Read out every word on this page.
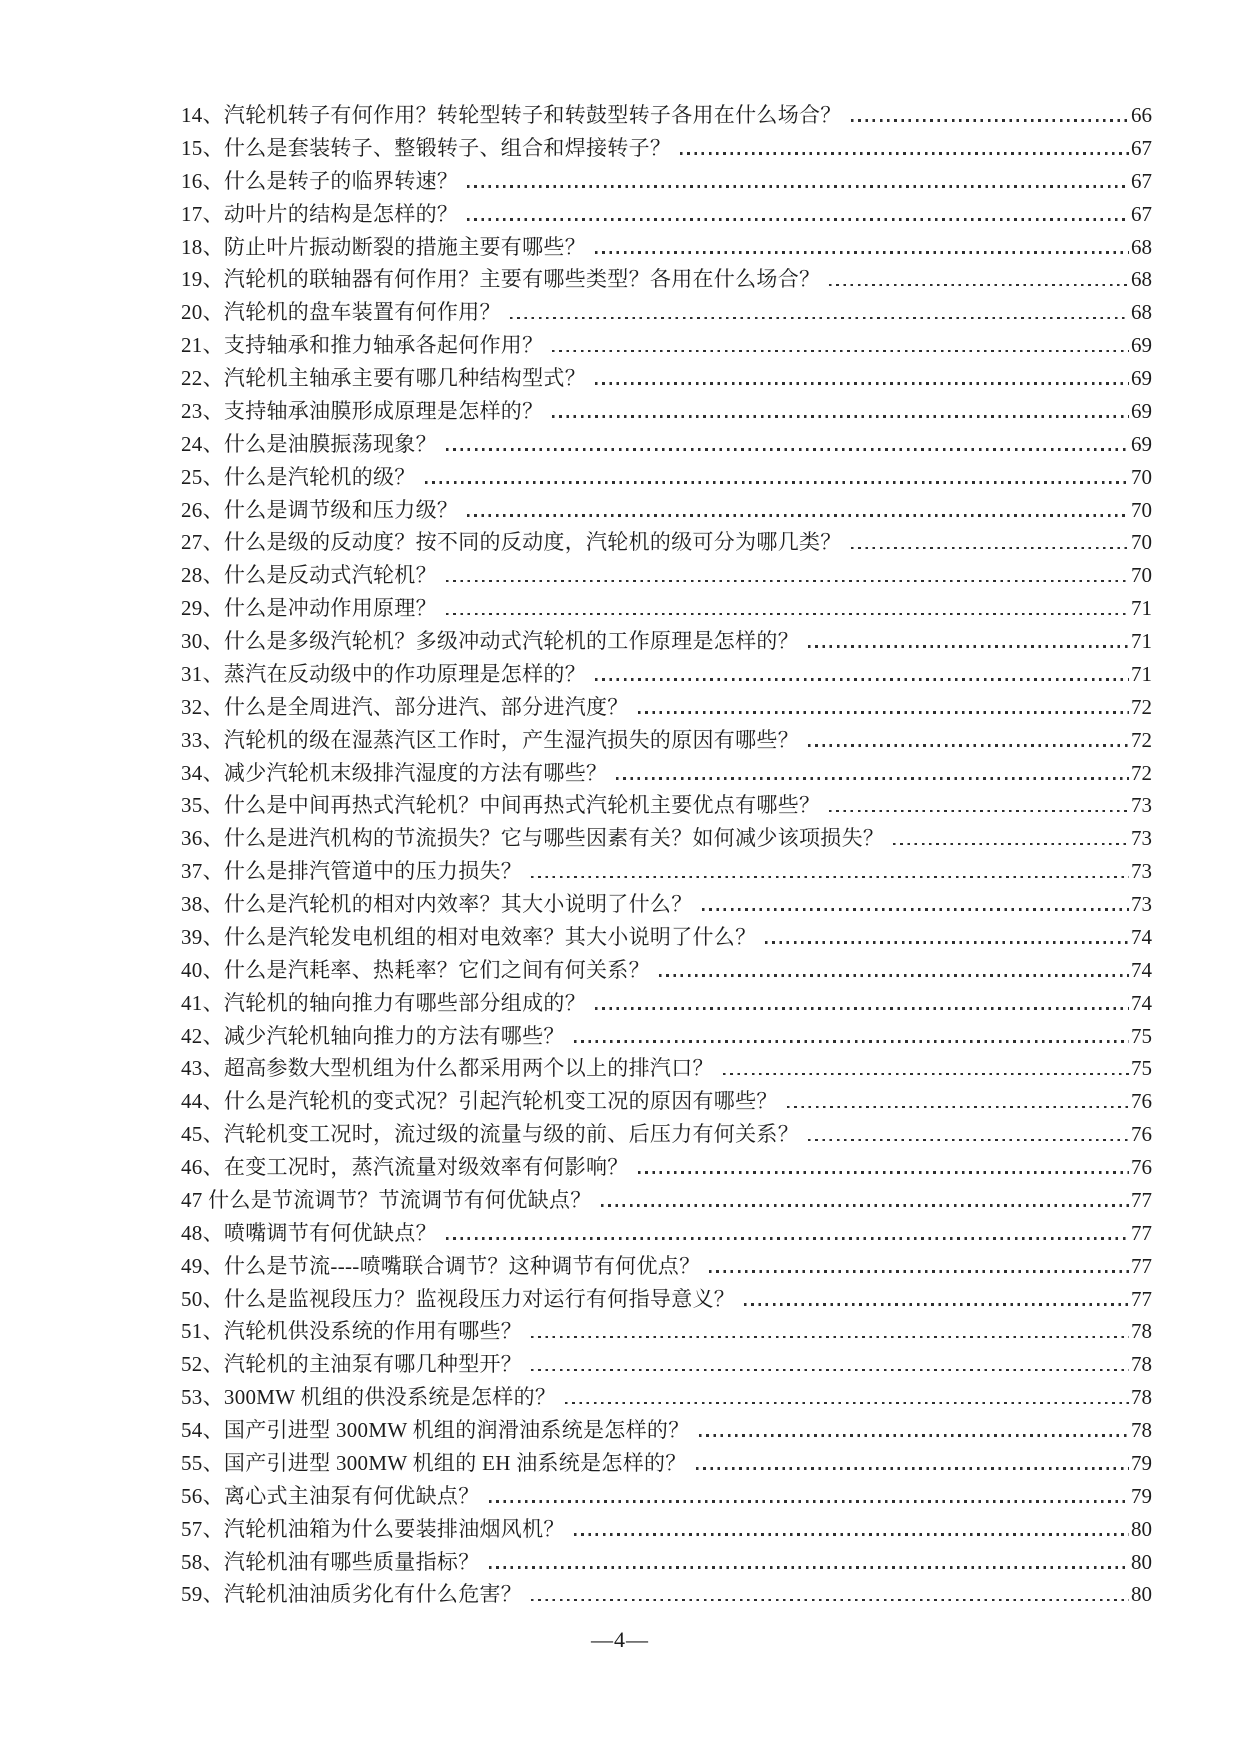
14、汽轮机转子有何作用？转轮型转子和转鼓型转子各用在什么场合？	66
15、什么是套装转子、整锻转子、组合和焊接转子？	67
16、什么是转子的临界转速？	67
17、动叶片的结构是怎样的？	67
18、防止叶片振动断裂的措施主要有哪些？	68
19、汽轮机的联轴器有何作用？主要有哪些类型？各用在什么场合？	68
20、汽轮机的盘车装置有何作用？	68
21、支持轴承和推力轴承各起何作用？	69
22、汽轮机主轴承主要有哪几种结构型式？	69
23、支持轴承油膜形成原理是怎样的？	69
24、什么是油膜振荡现象？	69
25、什么是汽轮机的级？	70
26、什么是调节级和压力级？	70
27、什么是级的反动度？按不同的反动度，汽轮机的级可分为哪几类？	70
28、什么是反动式汽轮机？	70
29、什么是冲动作用原理？	71
30、什么是多级汽轮机？多级冲动式汽轮机的工作原理是怎样的？	71
31、蒸汽在反动级中的作功原理是怎样的？	71
32、什么是全周进汽、部分进汽、部分进汽度？	72
33、汽轮机的级在湿蒸汽区工作时，产生湿汽损失的原因有哪些？	72
34、减少汽轮机末级排汽湿度的方法有哪些？	72
35、什么是中间再热式汽轮机？中间再热式汽轮机主要优点有哪些？	73
36、什么是进汽机构的节流损失？它与哪些因素有关？如何减少该项损失？	73
37、什么是排汽管道中的压力损失？	73
38、什么是汽轮机的相对内效率？其大小说明了什么？	73
39、什么是汽轮发电机组的相对电效率？其大小说明了什么？	74
40、什么是汽耗率、热耗率？它们之间有何关系？	74
41、汽轮机的轴向推力有哪些部分组成的？	74
42、减少汽轮机轴向推力的方法有哪些？	75
43、超高参数大型机组为什么都采用两个以上的排汽口？	75
44、什么是汽轮机的变式况？引起汽轮机变工况的原因有哪些？	76
45、汽轮机变工况时，流过级的流量与级的前、后压力有何关系？	76
46、在变工况时，蒸汽流量对级效率有何影响？	76
47 什么是节流调节？节流调节有何优缺点？	77
48、喷嘴调节有何优缺点？	77
49、什么是节流----喷嘴联合调节？这种调节有何优点？	77
50、什么是监视段压力？监视段压力对运行有何指导意义？	77
51、汽轮机供没系统的作用有哪些？	78
52、汽轮机的主油泵有哪几种型开？	78
53、300MW 机组的供没系统是怎样的？	78
54、国产引进型 300MW 机组的润滑油系统是怎样的？	78
55、国产引进型 300MW 机组的 EH 油系统是怎样的？	79
56、离心式主油泵有何优缺点？	79
57、汽轮机油箱为什么要装排油烟风机？	80
58、汽轮机油有哪些质量指标？	80
59、汽轮机油油质劣化有什么危害？	80
—4—
